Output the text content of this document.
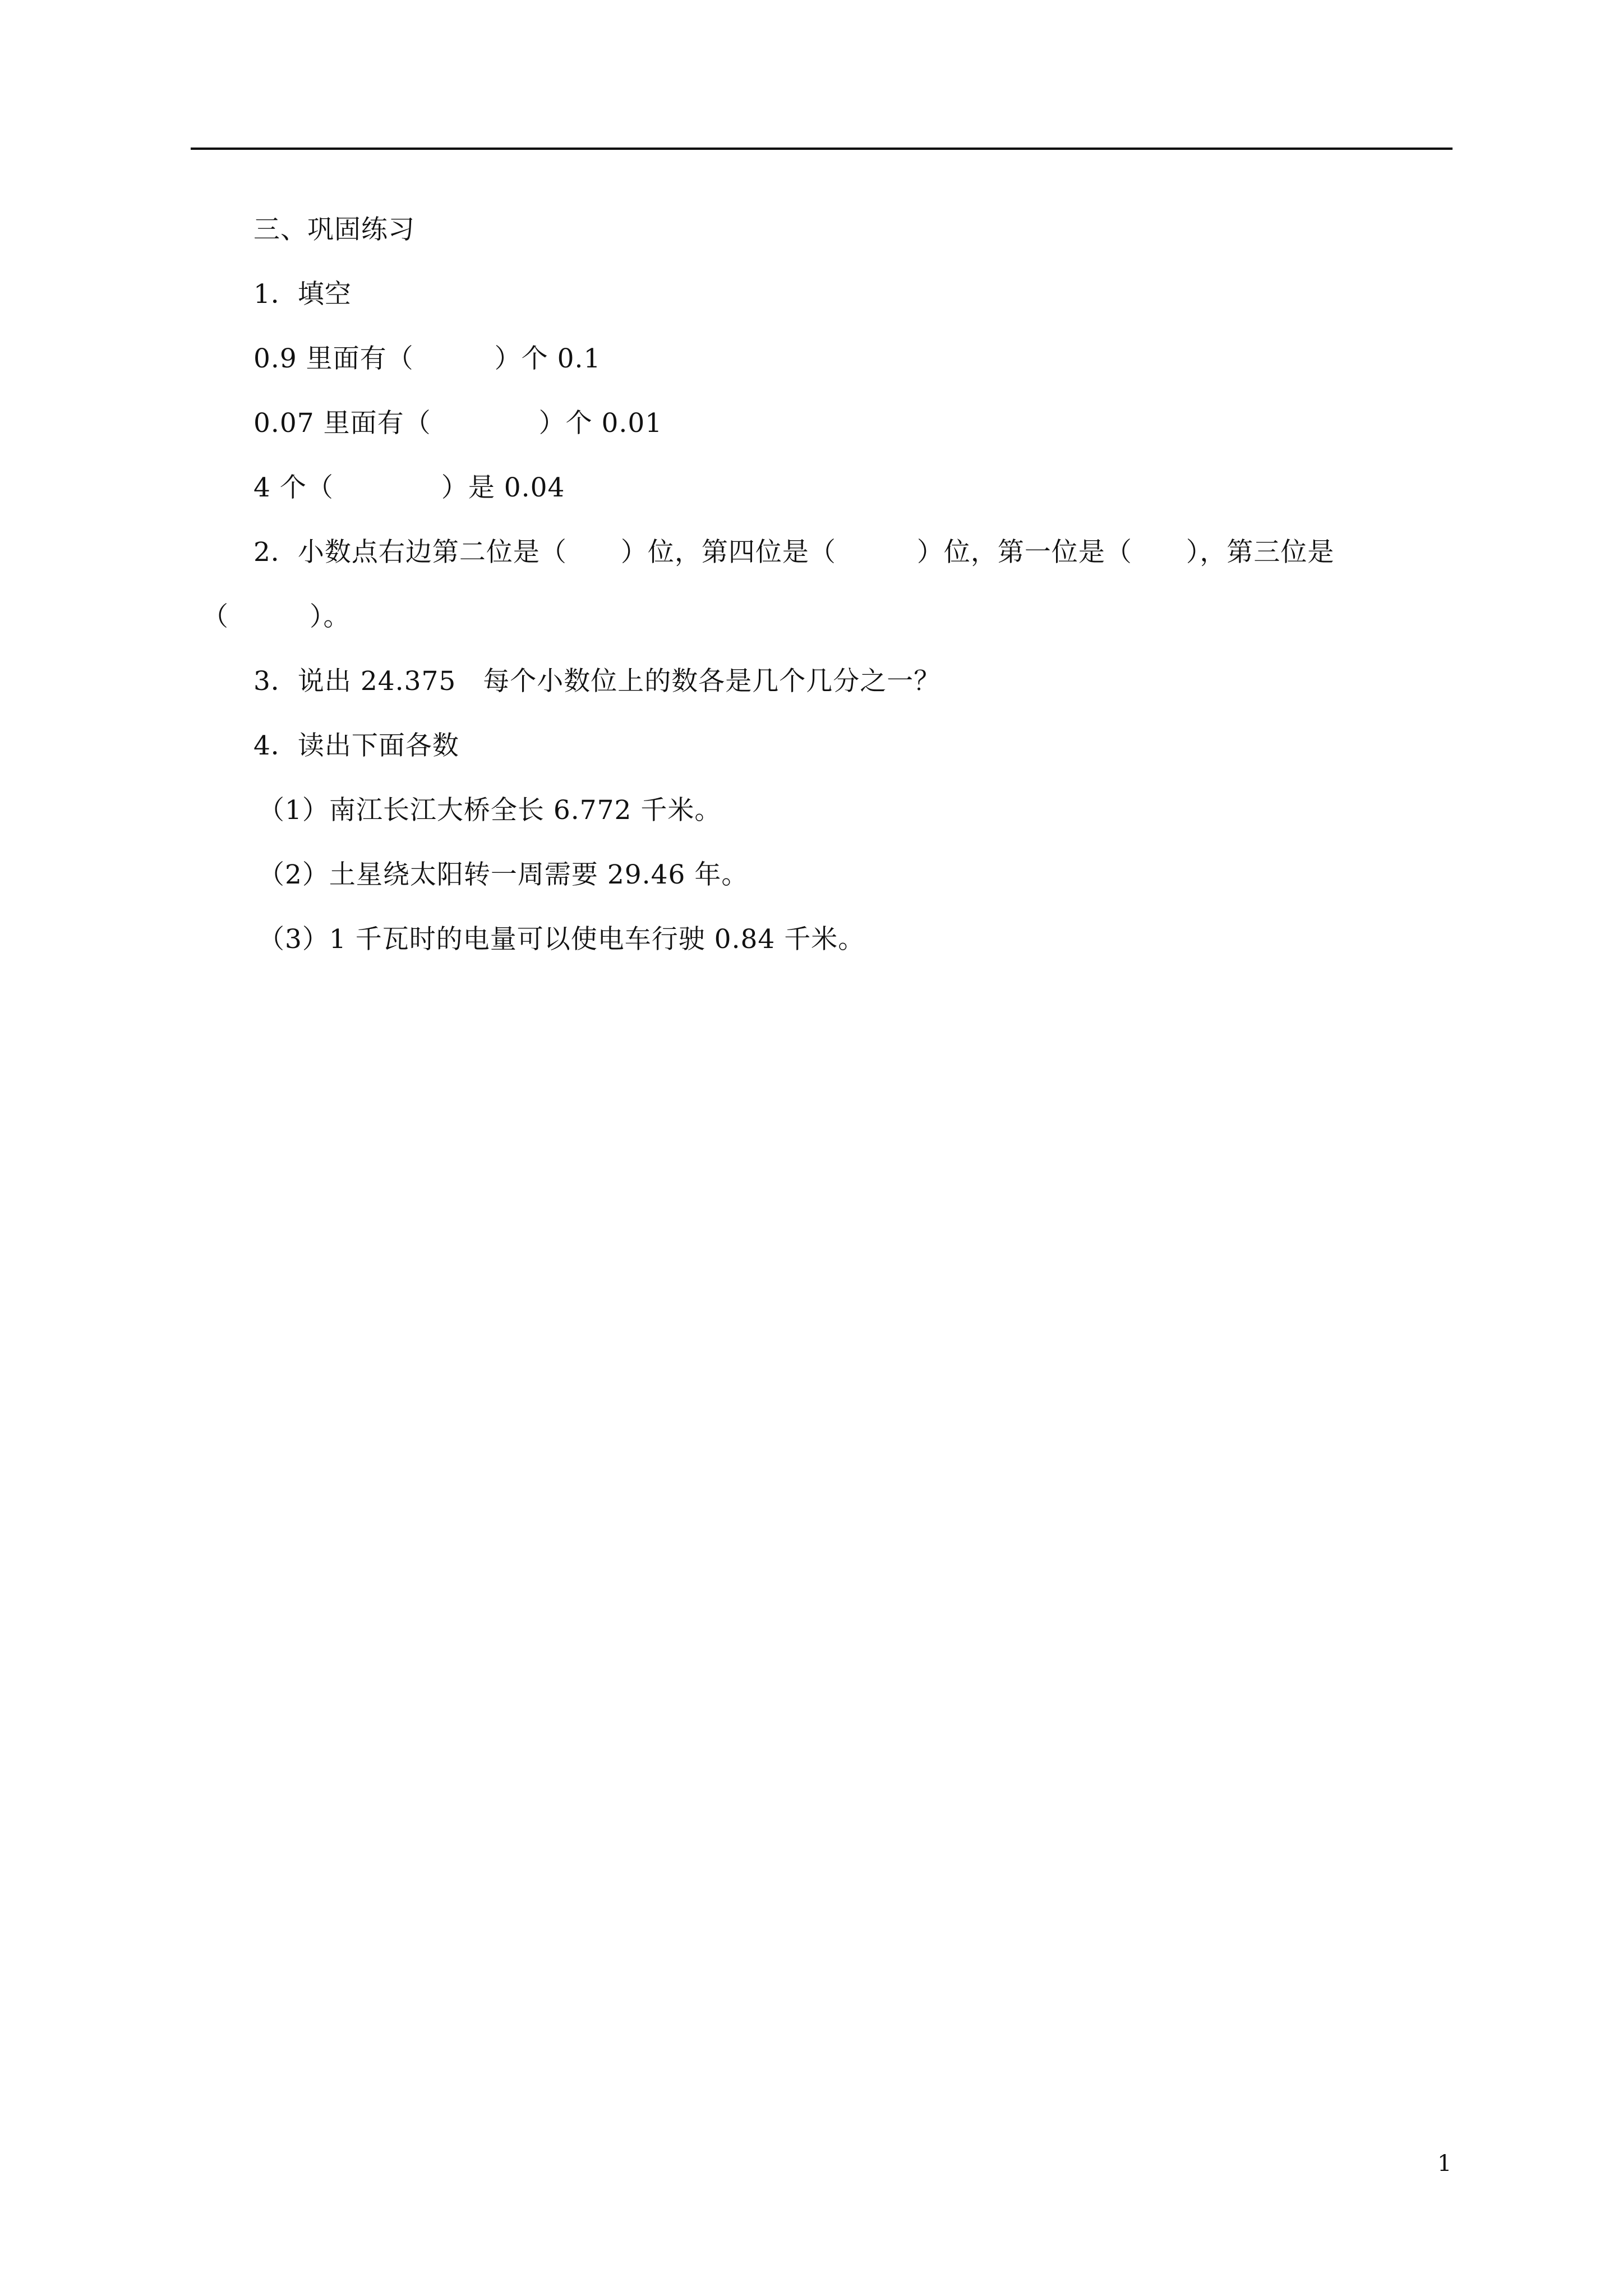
三、巩固练习
1．填空
0.9 里面有（　　　）个 0.1
0.07 里面有（　　　　）个 0.01
4 个（　　　　）是 0.04
2．小数点右边第二位是（　　）位，第四位是（　　　）位，第一位是（　　），第三位是
（　　　）。
3．说出 24.375　每个小数位上的数各是几个几分之一？
4．读出下面各数
（1）南江长江大桥全长 6.772 千米。
（2）土星绕太阳转一周需要 29.46 年。
（3）1 千瓦时的电量可以使电车行驶 0.84 千米。
1
